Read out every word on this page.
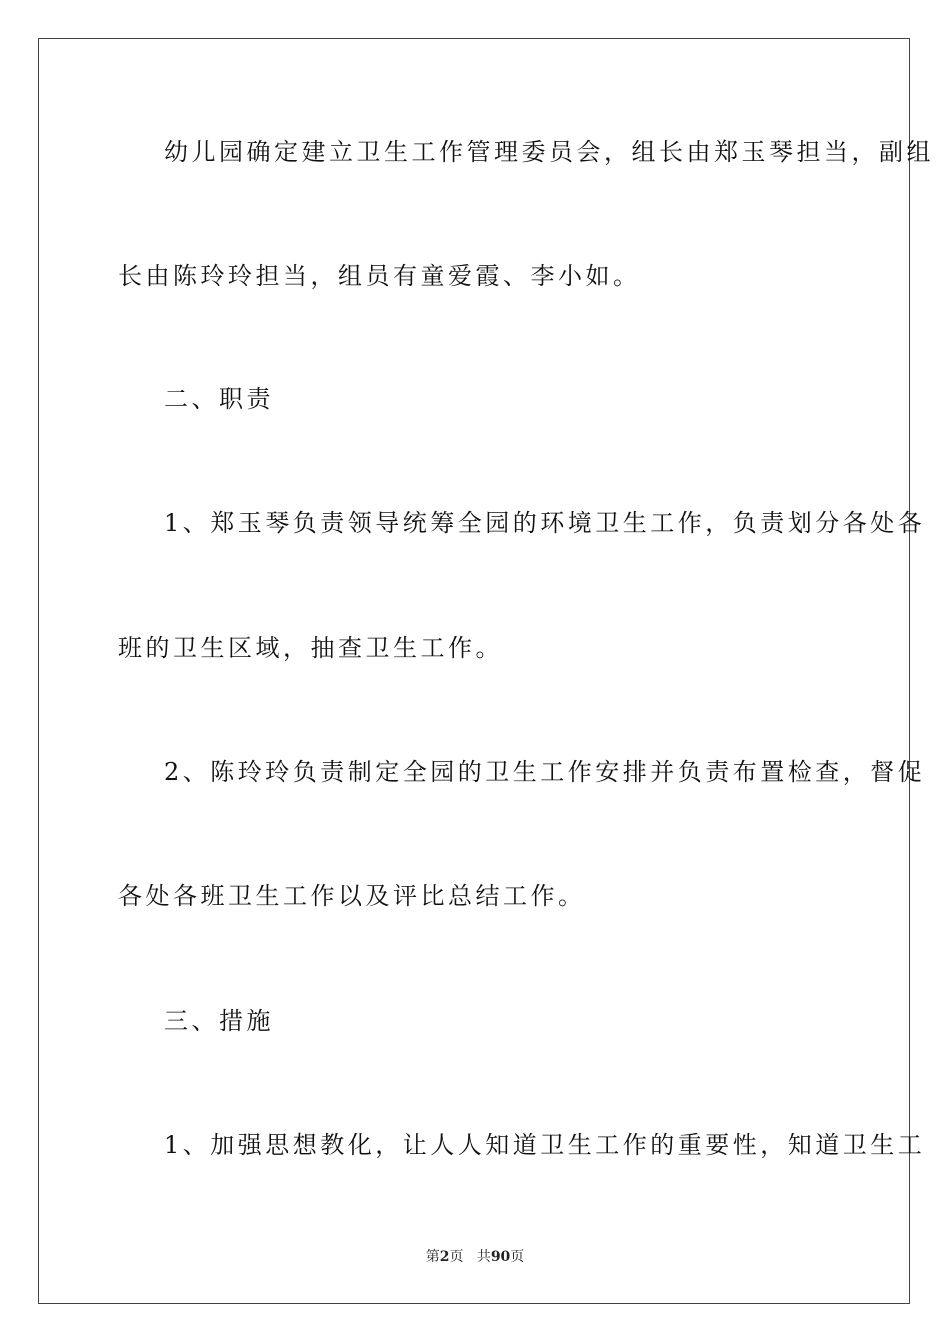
幼儿园确定建立卫生工作管理委员会，组长由郑玉琴担当，副组
长由陈玲玲担当，组员有童爱霞、李小如。
二、职责
1、郑玉琴负责领导统筹全园的环境卫生工作，负责划分各处各
班的卫生区域，抽查卫生工作。
2、陈玲玲负责制定全园的卫生工作安排并负责布置检查，督促
各处各班卫生工作以及评比总结工作。
三、措施
1、加强思想教化，让人人知道卫生工作的重要性，知道卫生工
第2页 共90页
